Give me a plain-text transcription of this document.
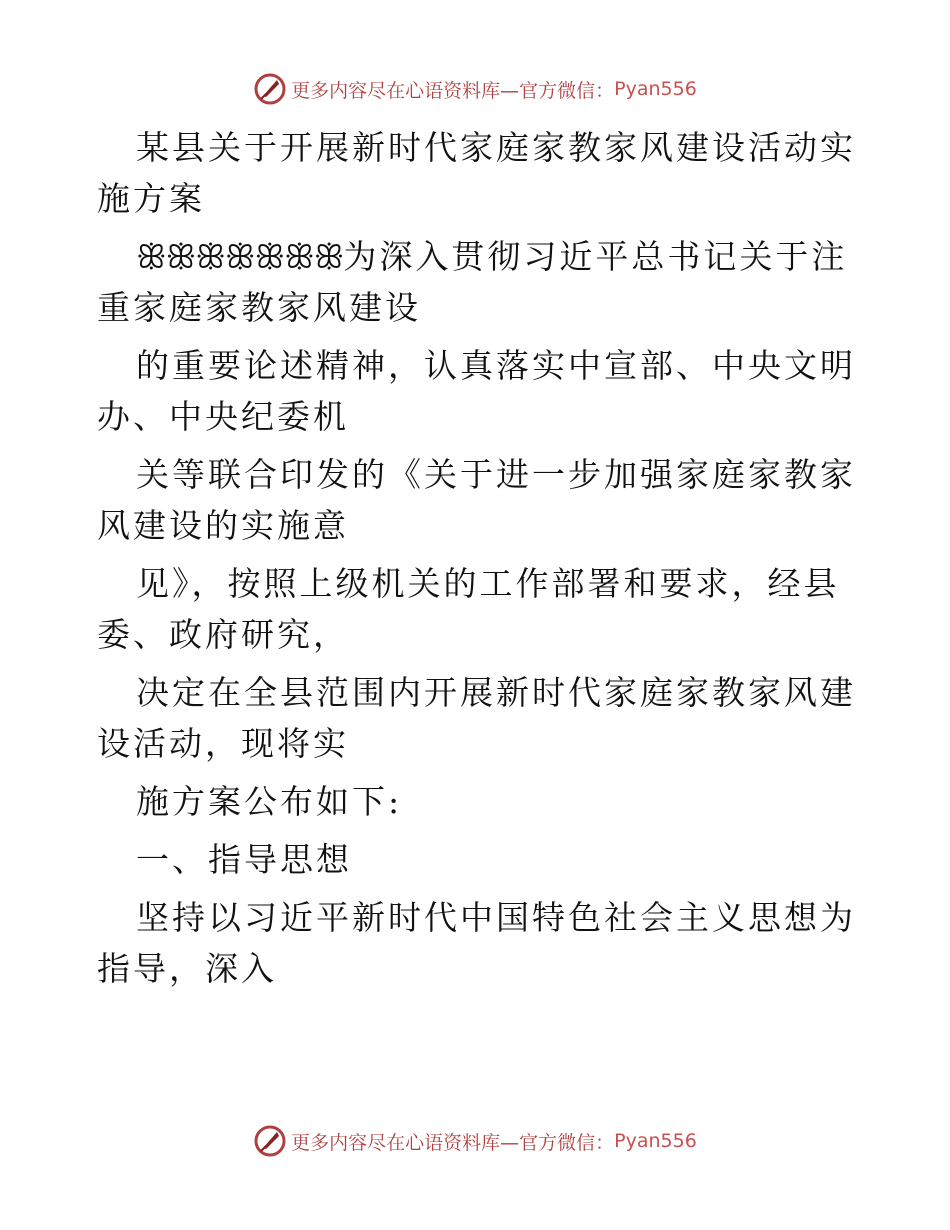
更多内容尽在心语资料库—官方微信： Pyan556

某县关于开展新时代家庭家教家风建设活动实施方案

ꕥꕥꕥꕥꕥꕥꕥ为深入贯彻习近平总书记关于注重家庭家教家风建设

的重要论述精神，认真落实中宣部、中央文明办、中央纪委机

关等联合印发的《关于进一步加强家庭家教家风建设的实施意

见》，按照上级机关的工作部署和要求，经县委、政府研究，

决定在全县范围内开展新时代家庭家教家风建设活动，现将实

施方案公布如下:

一、指导思想

坚持以习近平新时代中国特色社会主义思想为指导，深入

更多内容尽在心语资料库—官方微信： Pyan556
